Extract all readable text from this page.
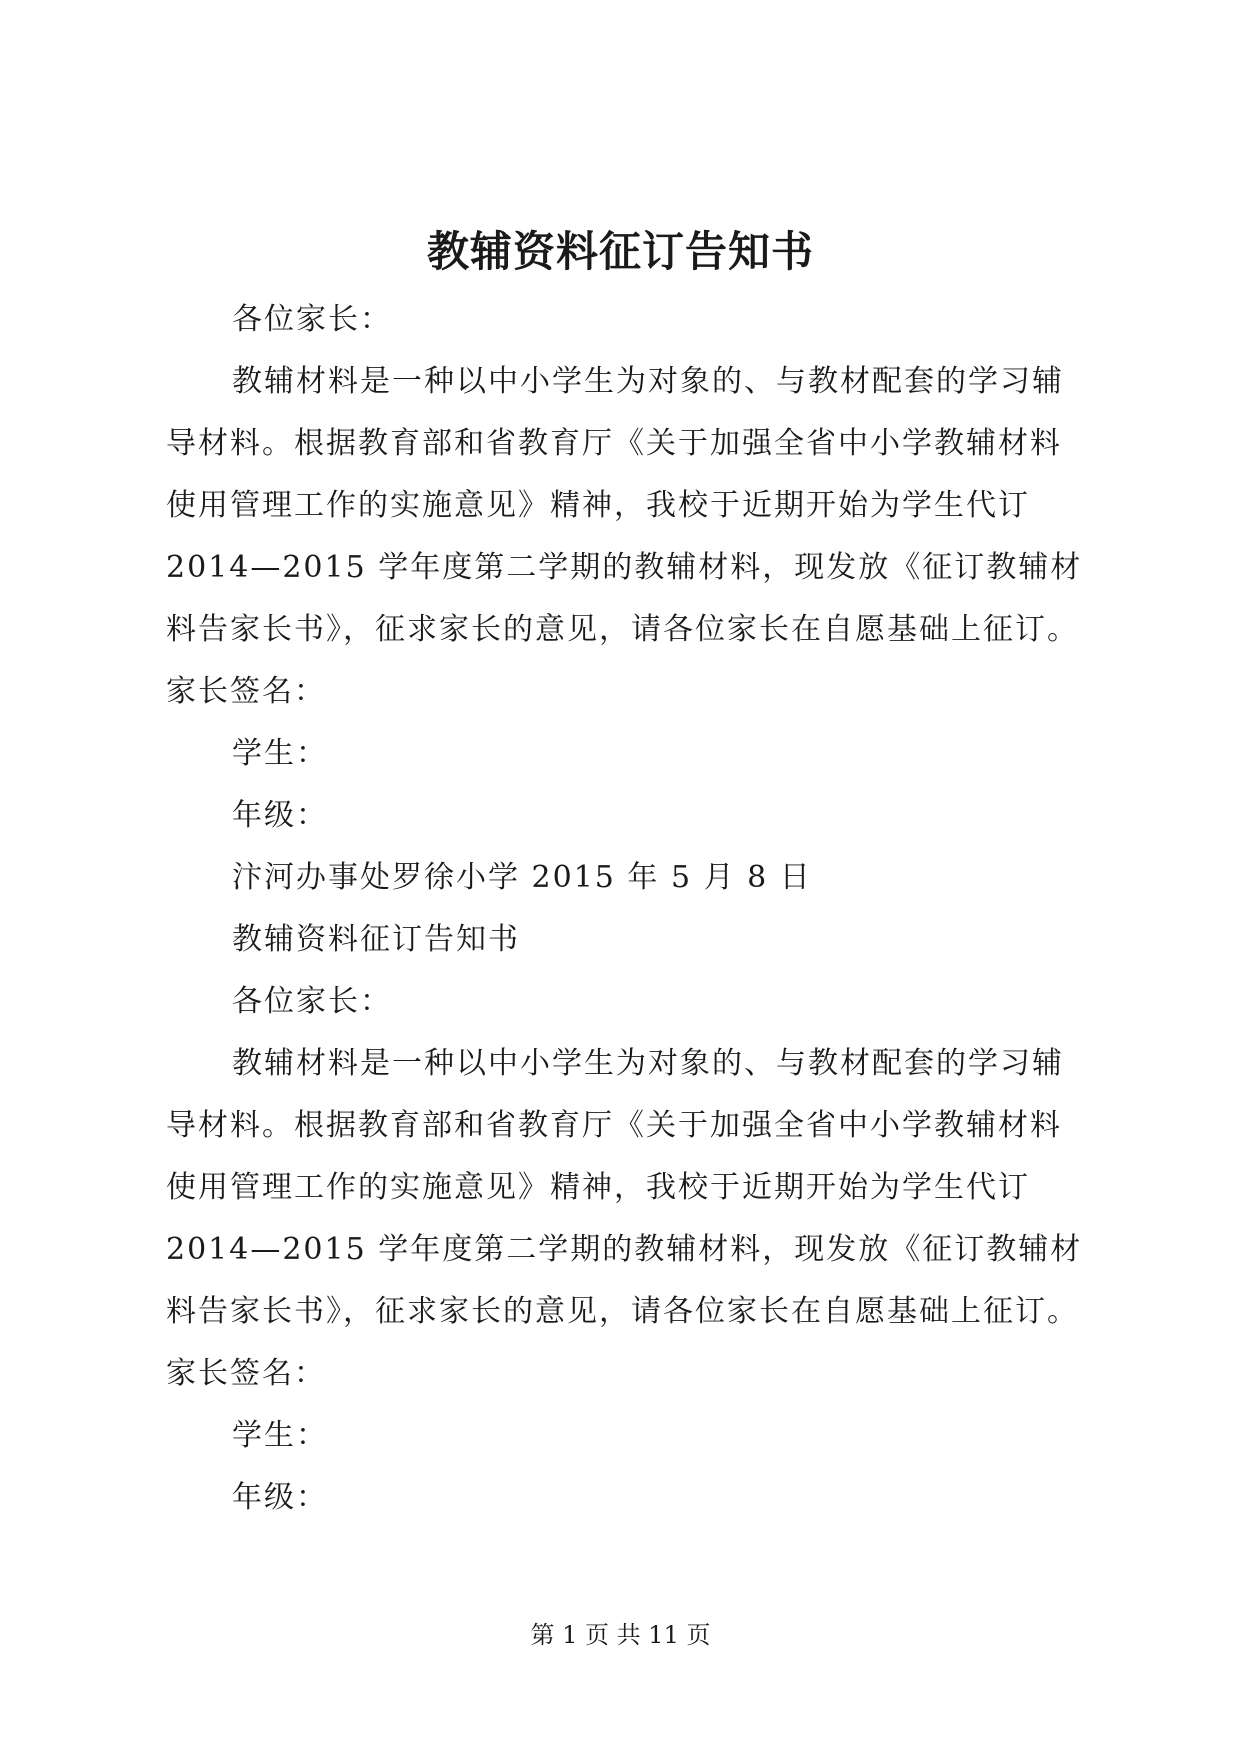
教辅资料征订告知书

各位家长：

教辅材料是一种以中小学生为对象的、与教材配套的学习辅

导材料。根据教育部和省教育厅《关于加强全省中小学教辅材料

使用管理工作的实施意见》精神，我校于近期开始为学生代订

2014—2015 学年度第二学期的教辅材料，现发放《征订教辅材

料告家长书》，征求家长的意见，请各位家长在自愿基础上征订。

家长签名：

学生：

年级：

汴河办事处罗徐小学 2015 年 5 月 8 日

教辅资料征订告知书

各位家长：

教辅材料是一种以中小学生为对象的、与教材配套的学习辅

导材料。根据教育部和省教育厅《关于加强全省中小学教辅材料

使用管理工作的实施意见》精神，我校于近期开始为学生代订

2014—2015 学年度第二学期的教辅材料，现发放《征订教辅材

料告家长书》，征求家长的意见，请各位家长在自愿基础上征订。

家长签名：

学生：

年级：

第 1 页 共 11 页
